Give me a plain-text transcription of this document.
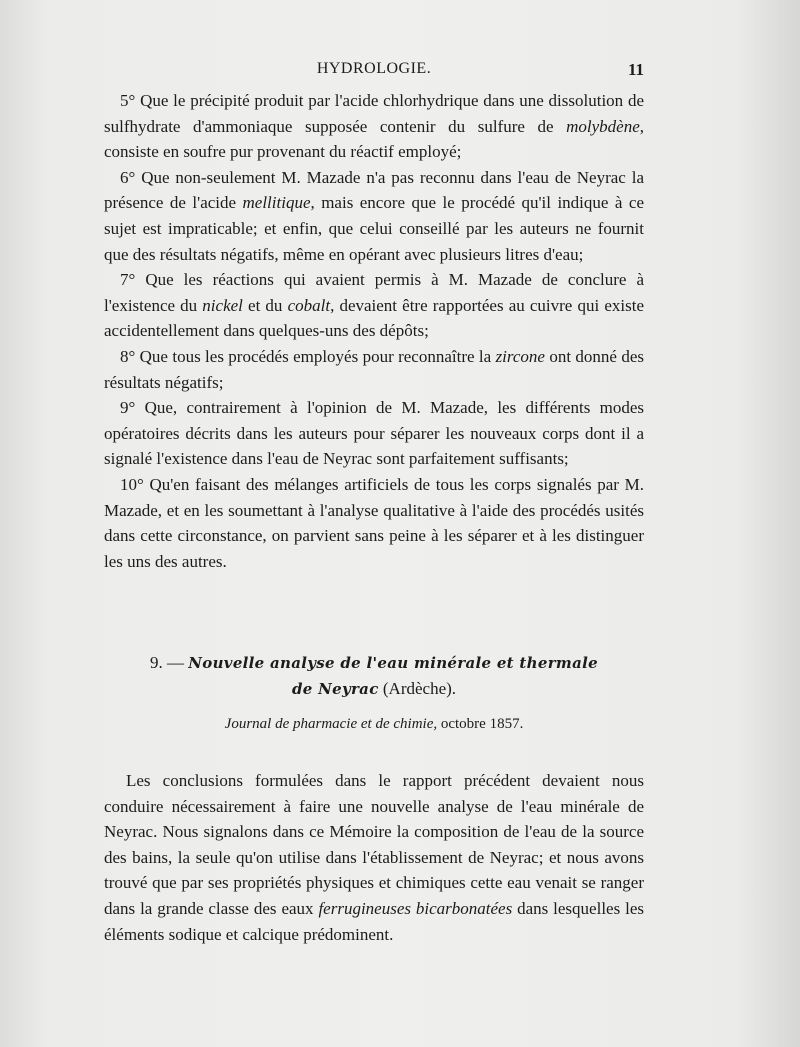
HYDROLOGIE.	11

5° Que le précipité produit par l'acide chlorhydrique dans une dissolution de sulfhydrate d'ammoniaque supposée contenir du sulfure de molybdène, consiste en soufre pur provenant du réactif employé;

6° Que non-seulement M. Mazade n'a pas reconnu dans l'eau de Neyrac la présence de l'acide mellitique, mais encore que le procédé qu'il indique à ce sujet est impraticable; et enfin, que celui conseillé par les auteurs ne fournit que des résultats négatifs, même en opérant avec plusieurs litres d'eau;

7° Que les réactions qui avaient permis à M. Mazade de conclure à l'existence du nickel et du cobalt, devaient être rapportées au cuivre qui existe accidentellement dans quelques-uns des dépôts;

8° Que tous les procédés employés pour reconnaître la zircone ont donné des résultats négatifs;

9° Que, contrairement à l'opinion de M. Mazade, les différents modes opératoires décrits dans les auteurs pour séparer les nouveaux corps dont il a signalé l'existence dans l'eau de Neyrac sont parfaitement suffisants;

10° Qu'en faisant des mélanges artificiels de tous les corps signalés par M. Mazade, et en les soumettant à l'analyse qualitative à l'aide des procédés usités dans cette circonstance, on parvient sans peine à les séparer et à les distinguer les uns des autres.

9. — Nouvelle analyse de l'eau minérale et thermale
de Neyrac (Ardèche).
Journal de pharmacie et de chimie, octobre 1857.

Les conclusions formulées dans le rapport précédent devaient nous conduire nécessairement à faire une nouvelle analyse de l'eau minérale de Neyrac. Nous signalons dans ce Mémoire la composition de l'eau de la source des bains, la seule qu'on utilise dans l'établissement de Neyrac; et nous avons trouvé que par ses propriétés physiques et chimiques cette eau venait se ranger dans la grande classe des eaux ferrugineuses bicarbonatées dans lesquelles les éléments sodique et calcique prédominent.
